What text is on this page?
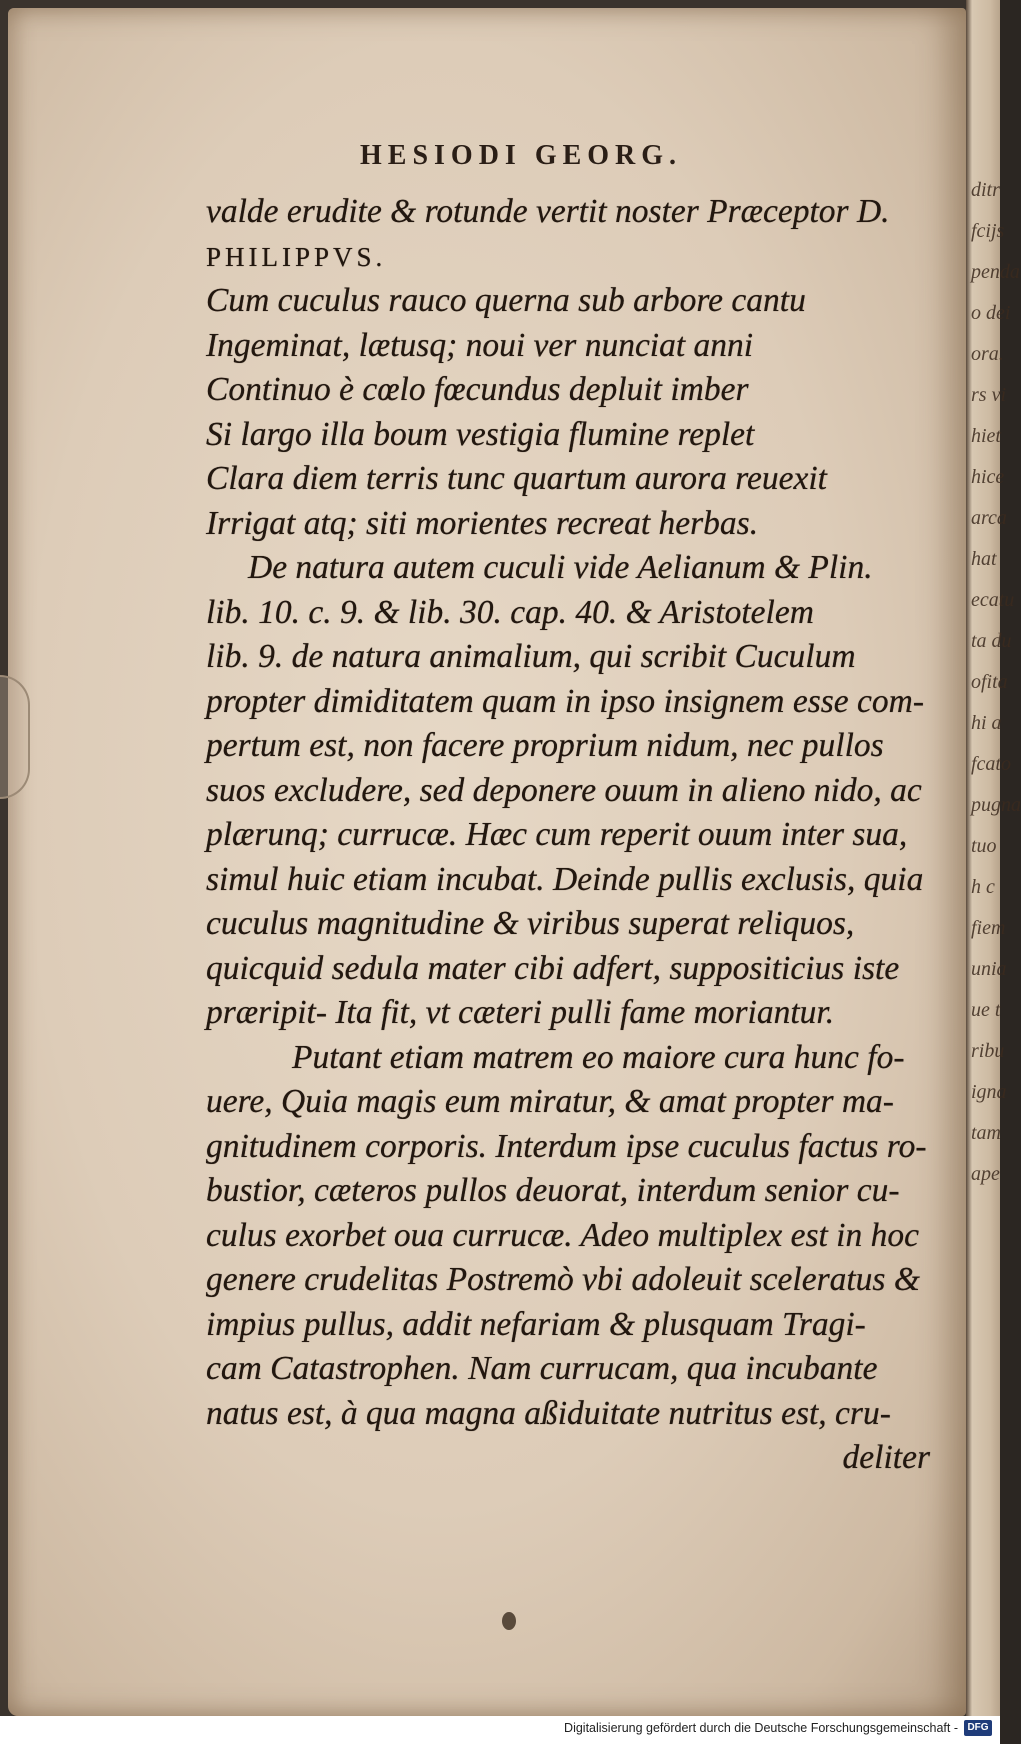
ditr
fcijs
penda
o dei
ora.
rs vi
hiet
hice
arca
hat
ecatu
ta du
ofita
hi a
fcato
pugna
tuo
h c
fiem
unia
ue t
ribu
igna
tam
ape
HESIODI GEORG.
valde erudite & rotunde vertit noster Præceptor D.
PHILIPPVS.
Cum cuculus rauco querna sub arbore cantu
Ingeminat, lætusq; noui ver nunciat anni
Continuo è cœlo fœcundus depluit imber
Si largo illa boum vestigia flumine replet
Clara diem terris tunc quartum aurora reuexit
Irrigat atq; siti morientes recreat herbas.
De natura autem cuculi vide Aelianum & Plin.
lib. 10. c. 9. & lib. 30. cap. 40. & Aristotelem
lib. 9. de natura animalium, qui scribit Cuculum
propter dimiditatem quam in ipso insignem esse com-
pertum est, non facere proprium nidum, nec pullos
suos excludere, sed deponere ouum in alieno nido, ac
plærunq; currucæ. Hæc cum reperit ouum inter sua,
simul huic etiam incubat. Deinde pullis exclusis, quia
cuculus magnitudine & viribus superat reliquos,
quicquid sedula mater cibi adfert, suppositicius iste
præripit- Ita fit, vt cæteri pulli fame moriantur.
Putant etiam matrem eo maiore cura hunc fo-
uere, Quia magis eum miratur, & amat propter ma-
gnitudinem corporis. Interdum ipse cuculus factus ro-
bustior, cæteros pullos deuorat, interdum senior cu-
culus exorbet oua currucæ. Adeo multiplex est in hoc
genere crudelitas Postremò vbi adoleuit sceleratus &
impius pullus, addit nefariam & plusquam Tragi-
cam Catastrophen. Nam currucam, qua incubante
natus est, à qua magna aßiduitate nutritus est, cru-
deliter
Digitalisierung gefördert durch die Deutsche Forschungsgemeinschaft - DFG
